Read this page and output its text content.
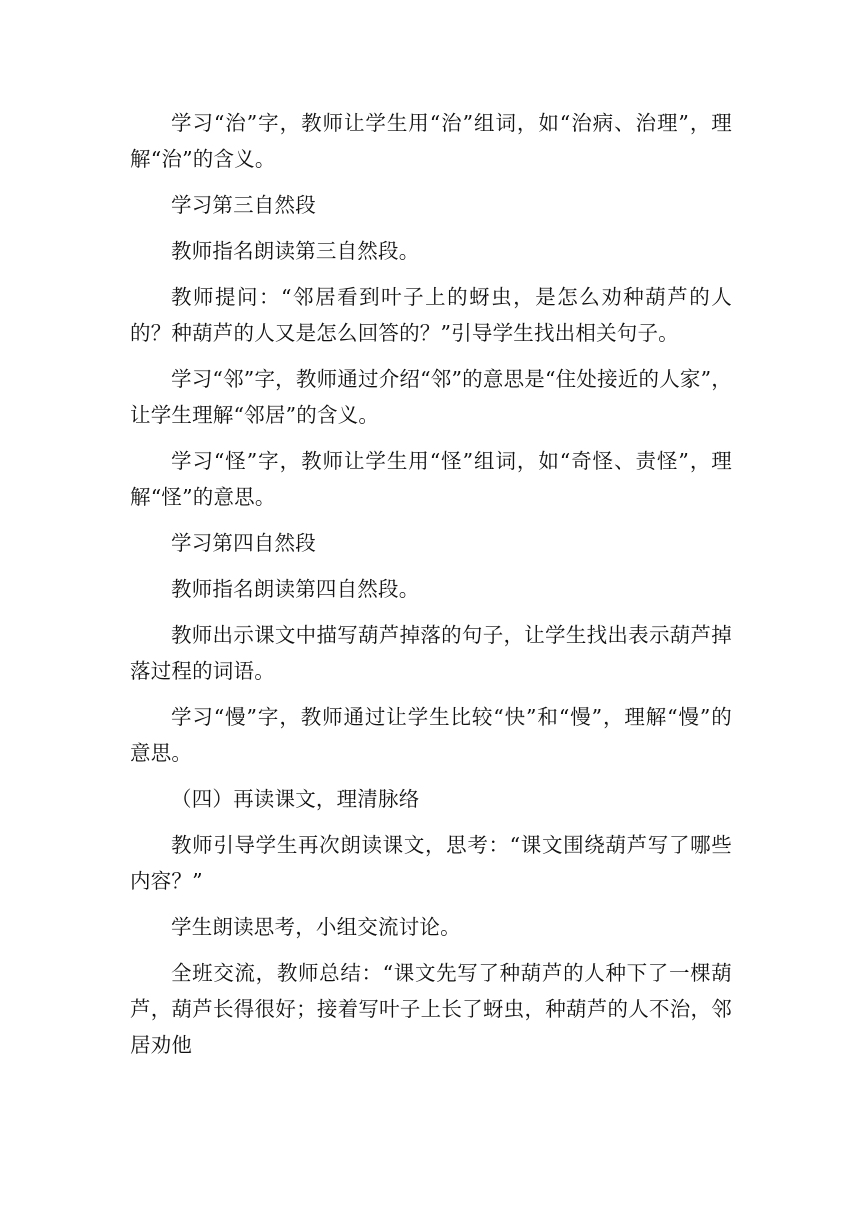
学习“治”字，教师让学生用“治”组词，如“治病、治理”，理解“治”的含义。

学习第三自然段

教师指名朗读第三自然段。

教师提问：“邻居看到叶子上的蚜虫，是怎么劝种葫芦的人的？种葫芦的人又是怎么回答的？”引导学生找出相关句子。

学习“邻”字，教师通过介绍“邻”的意思是“住处接近的人家”，让学生理解“邻居”的含义。

学习“怪”字，教师让学生用“怪”组词，如“奇怪、责怪”，理解“怪”的意思。

学习第四自然段

教师指名朗读第四自然段。

教师出示课文中描写葫芦掉落的句子，让学生找出表示葫芦掉落过程的词语。

学习“慢”字，教师通过让学生比较“快”和“慢”，理解“慢”的意思。

（四）再读课文，理清脉络

教师引导学生再次朗读课文，思考：“课文围绕葫芦写了哪些内容？”

学生朗读思考，小组交流讨论。

全班交流，教师总结：“课文先写了种葫芦的人种下了一棵葫芦，葫芦长得很好；接着写叶子上长了蚜虫，种葫芦的人不治，邻居劝他
